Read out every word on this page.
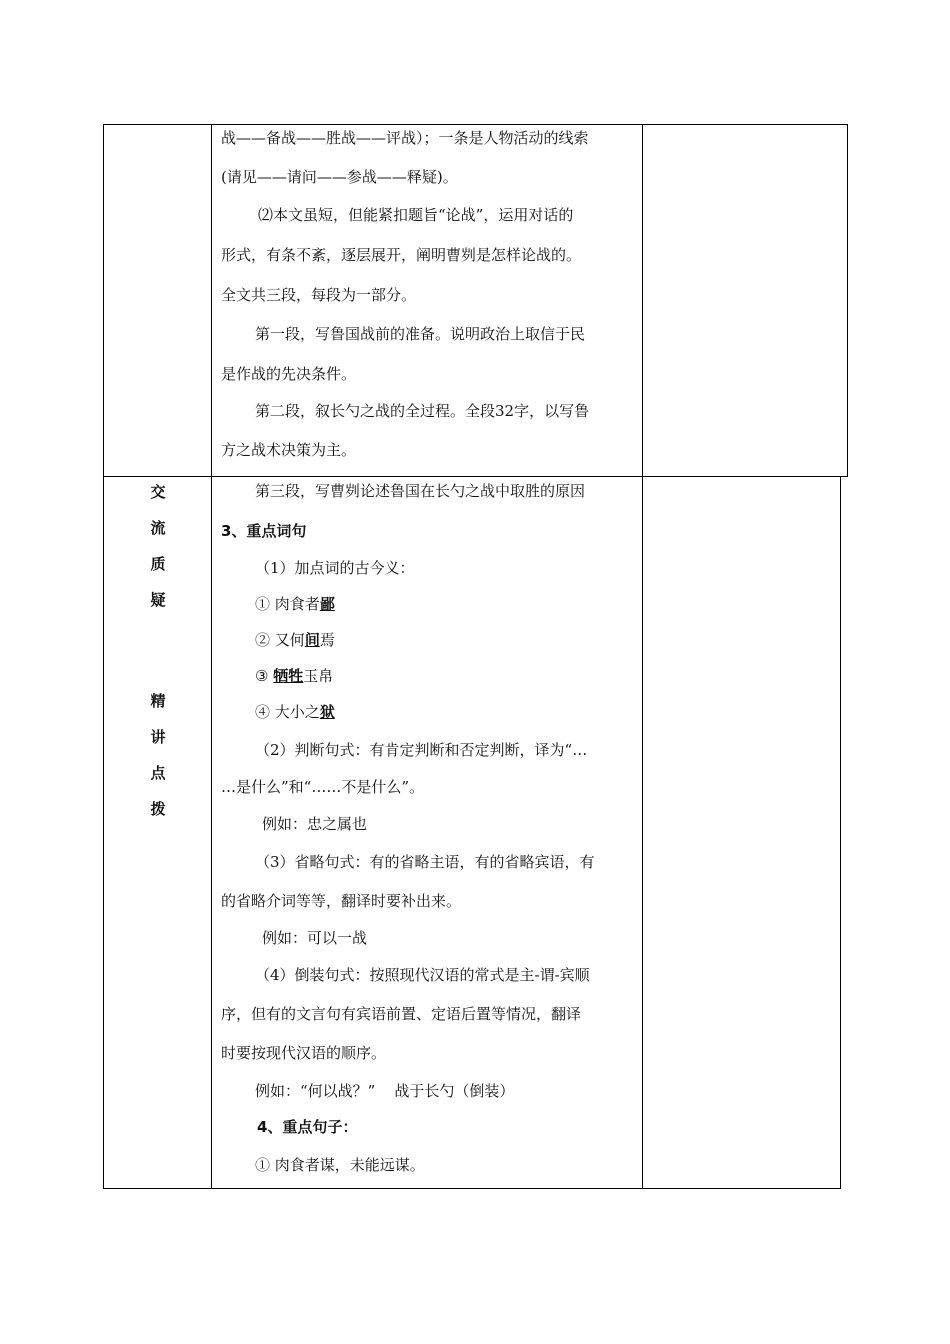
战——备战——胜战——评战）；一条是人物活动的线索
(请见——请问——参战——释疑)。
⑵本文虽短，但能紧扣题旨“论战”，运用对话的
形式，有条不紊，逐层展开，阐明曹刿是怎样论战的。
全文共三段，每段为一部分。
第一段，写鲁国战前的准备。说明政治上取信于民
是作战的先决条件。
第二段，叙长勺之战的全过程。全段32字，以写鲁
方之战术决策为主。
交
流
质
疑
精
讲
点
拨
第三段，写曹刿论述鲁国在长勺之战中取胜的原因
3、重点词句
（1）加点词的古今义：
① 肉食者鄙
② 又何间焉
③ 牺牲玉帛
④ 大小之狱
（2）判断句式：有肯定判断和否定判断，译为“…
…是什么”和“……不是什么”。
例如：忠之属也
（3）省略句式：有的省略主语，有的省略宾语，有
的省略介词等等，翻译时要补出来。
例如：可以一战
（4）倒装句式：按照现代汉语的常式是主-谓-宾顺
序，但有的文言句有宾语前置、定语后置等情况，翻译
时要按现代汉语的顺序。
例如：“何以战？”    战于长勺（倒装）
4、重点句子：
① 肉食者谋，未能远谋。
